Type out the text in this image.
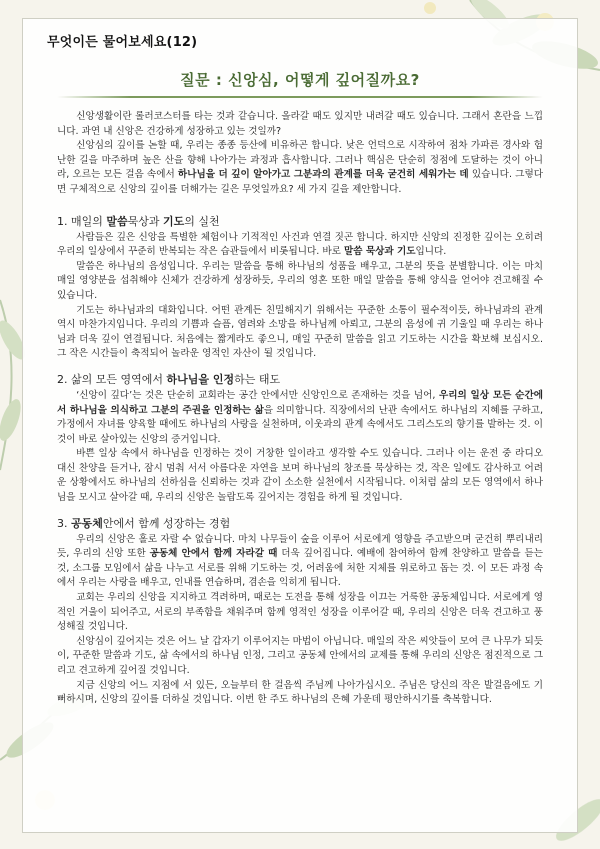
무엇이든 물어보세요(12)
질문 : 신앙심, 어떻게 깊어질까요?

신앙생활이란 롤러코스터를 타는 것과 같습니다. 올라갈 때도 있지만 내려갈 때도 있습니다. 그래서 혼란을 느낍니다. 과연 내 신앙은 건강하게 성장하고 있는 것일까?

신앙심의 깊이를 논할 때, 우리는 종종 등산에 비유하곤 합니다. 낮은 언덕으로 시작하여 점차 가파른 경사와 험난한 길을 마주하며 높은 산을 향해 나아가는 과정과 흡사합니다. 그러나 핵심은 단순히 정점에 도달하는 것이 아니라, 오르는 모든 걸음 속에서 하나님을 더 깊이 알아가고 그분과의 관계를 더욱 굳건히 세워가는 데 있습니다. 그렇다면 구체적으로 신앙의 깊이를 더해가는 길은 무엇일까요? 세 가지 길을 제안합니다.

1. 매일의 말씀묵상과 기도의 실천

사람들은 깊은 신앙을 특별한 체험이나 기적적인 사건과 연결 짓곤 합니다. 하지만 신앙의 진정한 깊이는 오히려 우리의 일상에서 꾸준히 반복되는 작은 습관들에서 비롯됩니다. 바로 말씀 묵상과 기도입니다.

말씀은 하나님의 음성입니다. 우리는 말씀을 통해 하나님의 성품을 배우고, 그분의 뜻을 분별합니다. 이는 마치 매일 영양분을 섭취해야 신체가 건강하게 성장하듯, 우리의 영혼 또한 매일 말씀을 통해 양식을 얻어야 견고해질 수 있습니다.

기도는 하나님과의 대화입니다. 어떤 관계든 친밀해지기 위해서는 꾸준한 소통이 필수적이듯, 하나님과의 관계 역시 마찬가지입니다. 우리의 기쁨과 슬픔, 염려와 소망을 하나님께 아뢰고, 그분의 음성에 귀 기울일 때 우리는 하나님과 더욱 깊이 연결됩니다. 처음에는 짧게라도 좋으니, 매일 꾸준히 말씀을 읽고 기도하는 시간을 확보해 보십시오. 그 작은 시간들이 축적되어 놀라운 영적인 자산이 될 것입니다.

2. 삶의 모든 영역에서 하나님을 인정하는 태도

‘신앙이 깊다’는 것은 단순히 교회라는 공간 안에서만 신앙인으로 존재하는 것을 넘어, 우리의 일상 모든 순간에서 하나님을 의식하고 그분의 주권을 인정하는 삶을 의미합니다. 직장에서의 난관 속에서도 하나님의 지혜를 구하고, 가정에서 자녀를 양육할 때에도 하나님의 사랑을 실천하며, 이웃과의 관계 속에서도 그리스도의 향기를 발하는 것. 이것이 바로 살아있는 신앙의 증거입니다.

바쁜 일상 속에서 하나님을 인정하는 것이 거창한 일이라고 생각할 수도 있습니다. 그러나 이는 운전 중 라디오 대신 찬양을 듣거나, 잠시 멈춰 서서 아름다운 자연을 보며 하나님의 창조를 묵상하는 것, 작은 일에도 감사하고 어려운 상황에서도 하나님의 선하심을 신뢰하는 것과 같이 소소한 실천에서 시작됩니다. 이처럼 삶의 모든 영역에서 하나님을 모시고 살아갈 때, 우리의 신앙은 놀랍도록 깊어지는 경험을 하게 될 것입니다.

3. 공동체안에서 함께 성장하는 경험

우리의 신앙은 홀로 자랄 수 없습니다. 마치 나무들이 숲을 이루어 서로에게 영향을 주고받으며 굳건히 뿌리내리듯, 우리의 신앙 또한 공동체 안에서 함께 자라갈 때 더욱 깊어집니다. 예배에 참여하여 함께 찬양하고 말씀을 듣는 것, 소그룹 모임에서 삶을 나누고 서로를 위해 기도하는 것, 어려움에 처한 지체를 위로하고 돕는 것. 이 모든 과정 속에서 우리는 사랑을 배우고, 인내를 연습하며, 겸손을 익히게 됩니다.

교회는 우리의 신앙을 지지하고 격려하며, 때로는 도전을 통해 성장을 이끄는 거룩한 공동체입니다. 서로에게 영적인 거울이 되어주고, 서로의 부족함을 채워주며 함께 영적인 성장을 이루어갈 때, 우리의 신앙은 더욱 견고하고 풍성해질 것입니다.

신앙심이 깊어지는 것은 어느 날 갑자기 이루어지는 마법이 아닙니다. 매일의 작은 씨앗들이 모여 큰 나무가 되듯이, 꾸준한 말씀과 기도, 삶 속에서의 하나님 인정, 그리고 공동체 안에서의 교제를 통해 우리의 신앙은 점진적으로 그리고 견고하게 깊어질 것입니다.

지금 신앙의 어느 지점에 서 있든, 오늘부터 한 걸음씩 주님께 나아가십시오. 주님은 당신의 작은 발걸음에도 기뻐하시며, 신앙의 깊이를 더하실 것입니다. 이번 한 주도 하나님의 은혜 가운데 평안하시기를 축복합니다.
